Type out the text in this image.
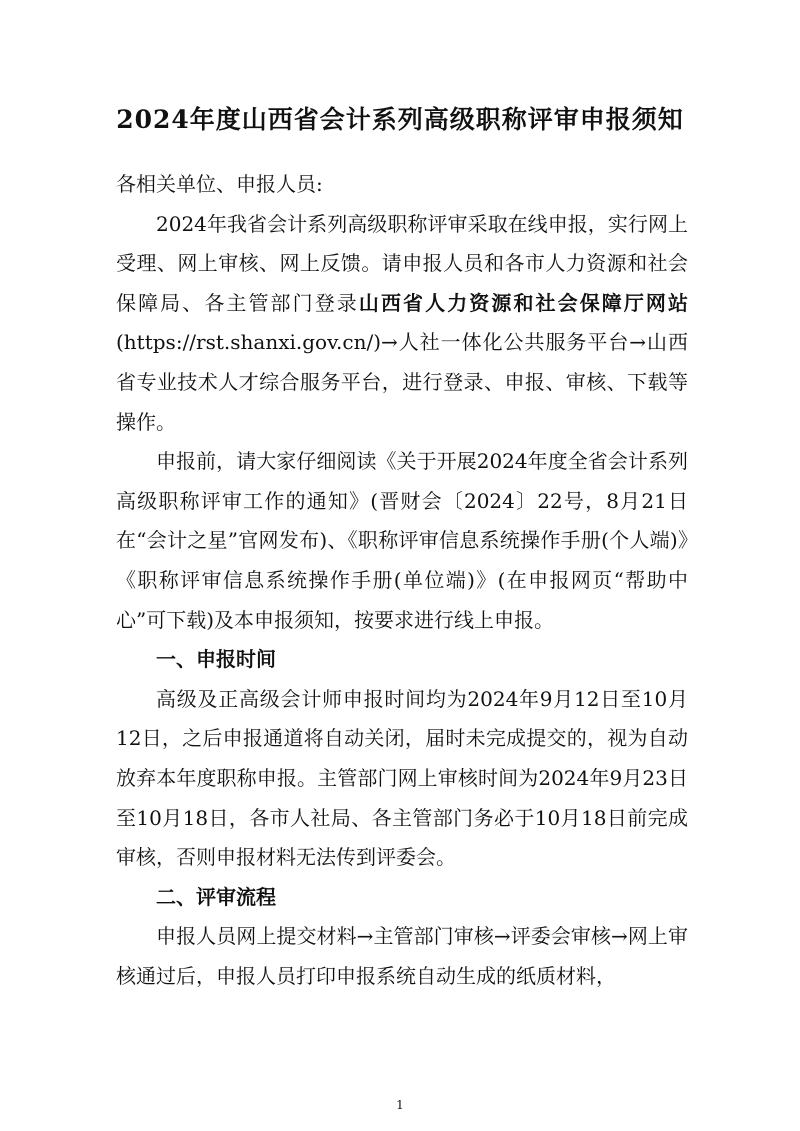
2024年度山西省会计系列高级职称评审申报须知

各相关单位、申报人员:

2024年我省会计系列高级职称评审采取在线申报，实行网上受理、网上审核、网上反馈。请申报人员和各市人力资源和社会保障局、各主管部门登录山西省人力资源和社会保障厅网站(https://rst.shanxi.gov.cn/)→人社一体化公共服务平台→山西省专业技术人才综合服务平台，进行登录、申报、审核、下载等操作。

申报前，请大家仔细阅读《关于开展2024年度全省会计系列高级职称评审工作的通知》(晋财会〔2024〕22号，8月21日在“会计之星”官网发布)、《职称评审信息系统操作手册(个人端)》《职称评审信息系统操作手册(单位端)》(在申报网页“帮助中心”可下载)及本申报须知，按要求进行线上申报。

一、申报时间

高级及正高级会计师申报时间均为2024年9月12日至10月12日，之后申报通道将自动关闭，届时未完成提交的，视为自动放弃本年度职称申报。主管部门网上审核时间为2024年9月23日至10月18日，各市人社局、各主管部门务必于10月18日前完成审核，否则申报材料无法传到评委会。

二、评审流程

申报人员网上提交材料→主管部门审核→评委会审核→网上审核通过后，申报人员打印申报系统自动生成的纸质材料，

1
